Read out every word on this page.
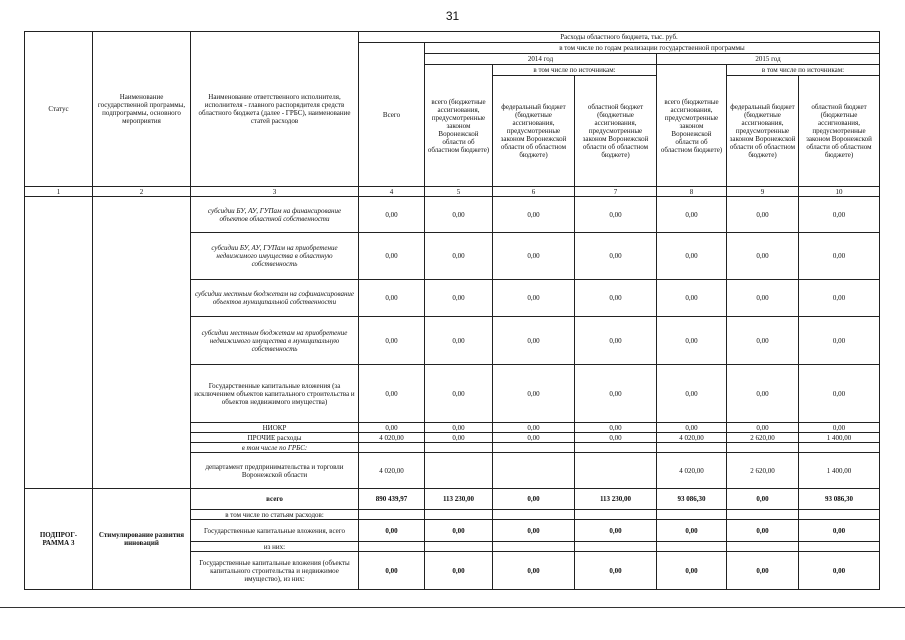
31
Статус	Наименование государственной программы, подпрограммы, основного мероприятия	Наименование ответственного исполнителя, исполнителя - главного распорядителя средств областного бюджета (далее - ГРБС), наименование статей расходов	Расходы областного бюджета, тыс. руб.						
			Всего	в том числе по годам реализации государственной программы					
				2014 год			2015 год		
				всего (бюджетные ассигнования, предусмотренные законом Воронежской области об областном бюджете)	в том числе по источникам:		всего (бюджетные ассигнования, предусмотренные законом Воронежской области об областном бюджете)	в том числе по источникам:	
					федеральный бюджет (бюджетные ассигнования, предусмотренные законом Воронежской области об областном бюджете)	областной бюджет (бюджетные ассигнования, предусмотренные законом Воронежской области об областном бюджете)		федеральный бюджет (бюджетные ассигнования, предусмотренные законом Воронежской области об областном бюджете)	областной бюджет (бюджетные ассигнования, предусмотренные законом Воронежской области об областном бюджете)
1	2	3	4	5	6	7	8	9	10
		субсидии БУ, АУ, ГУПам на финансирование объектов областной собственности	0,00	0,00	0,00	0,00	0,00	0,00	0,00
		субсидии БУ, АУ, ГУПам на приобретение недвижимого имущества в областную собственность	0,00	0,00	0,00	0,00	0,00	0,00	0,00
		субсидии местным бюджетам на софинансирование объектов муниципальной собственности	0,00	0,00	0,00	0,00	0,00	0,00	0,00
		субсидии местным бюджетам на приобретение недвижимого имущества в муниципальную собственность	0,00	0,00	0,00	0,00	0,00	0,00	0,00
		Государственные капитальные вложения (за исключением объектов капитального строительства и объектов недвижимого имущества)	0,00	0,00	0,00	0,00	0,00	0,00	0,00
		НИОКР	0,00	0,00	0,00	0,00	0,00	0,00	0,00
		ПРОЧИЕ расходы	4 020,00	0,00	0,00	0,00	4 020,00	2 620,00	1 400,00
		в том числе по ГРБС:							
		департамент предпринимательства и торговли Воронежской области	4 020,00				4 020,00	2 620,00	1 400,00
ПОДПРОГ-РАММА 3	Стимулирование развития инноваций	всего	890 439,97	113 230,00	0,00	113 230,00	93 086,30	0,00	93 086,30
		в том числе по статьям расходов:							
		Государственные капитальные вложения, всего	0,00	0,00	0,00	0,00	0,00	0,00	0,00
		из них:							
		Государственные капитальные вложения (объекты капитального строительства и недвижимое имущество), из них:	0,00	0,00	0,00	0,00	0,00	0,00	0,00
